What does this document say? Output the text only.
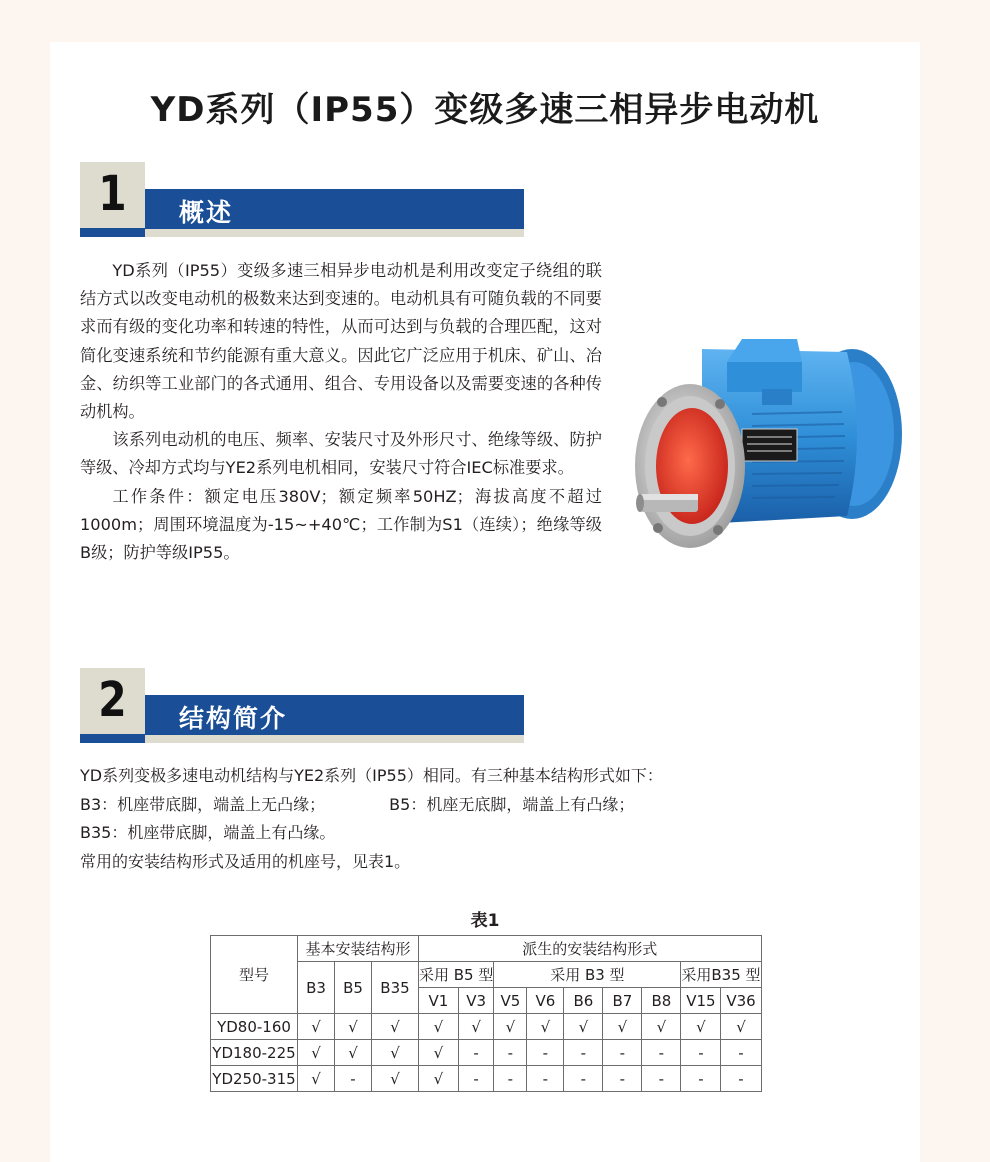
YD系列（IP55）变级多速三相异步电动机
1	概述

YD系列（IP55）变级多速三相异步电动机是利用改变定子绕组的联结方式以改变电动机的极数来达到变速的。电动机具有可随负载的不同要求而有级的变化功率和转速的特性，从而可达到与负载的合理匹配，这对简化变速系统和节约能源有重大意义。因此它广泛应用于机床、矿山、冶金、纺织等工业部门的各式通用、组合、专用设备以及需要变速的各种传动机构。

该系列电动机的电压、频率、安装尺寸及外形尺寸、绝缘等级、防护等级、冷却方式均与YE2系列电机相同，安装尺寸符合IEC标准要求。

工作条件：额定电压380V；额定频率50HZ；海拔高度不超过1000m；周围环境温度为-15~+40℃；工作制为S1（连续）；绝缘等级B级；防护等级IP55。

2	结构简介
YD系列变极多速电动机结构与YE2系列（IP55）相同。有三种基本结构形式如下：
B3：机座带底脚，端盖上无凸缘；	B5：机座无底脚，端盖上有凸缘；
B35：机座带底脚，端盖上有凸缘。
常用的安装结构形式及适用的机座号，见表1。
表1
型号	基本安装结构形			派生的安装结构形式								
	B3	B5	B35	采用 B5 型		采用 B3 型					采用B35 型	
				V1	V3	V5	V6	B6	B7	B8	V15	V36
YD80-160	√	√	√	√	√	√	√	√	√	√	√	√
YD180-225	√	√	√	√	-	-	-	-	-	-	-	-
YD250-315	√	-	√	√	-	-	-	-	-	-	-	-
